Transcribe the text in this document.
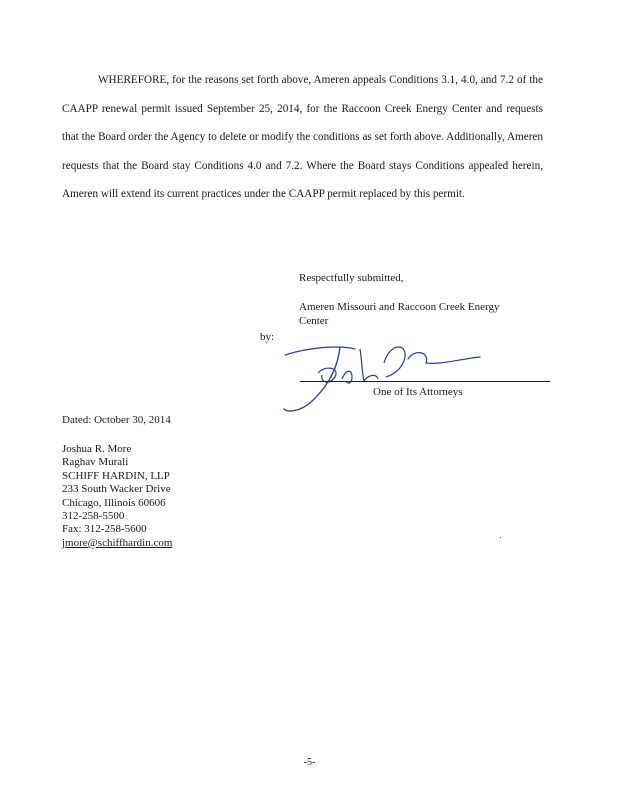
WHEREFORE, for the reasons set forth above, Ameren appeals Conditions 3.1, 4.0, and 7.2 of the CAAPP renewal permit issued September 25, 2014, for the Raccoon Creek Energy Center and requests that the Board order the Agency to delete or modify the conditions as set forth above. Additionally, Ameren requests that the Board stay Conditions 4.0 and 7.2. Where the Board stays Conditions appealed herein, Ameren will extend its current practices under the CAAPP permit replaced by this permit.

Respectfully submitted,
Ameren Missouri and Raccoon Creek Energy
Center
by:
One of Its Attorneys
Dated: October 30, 2014
Joshua R. More
Raghav Murali
SCHIFF HARDIN, LLP
233 South Wacker Drive
Chicago, Illinois 60606
312-258-5500
Fax: 312-258-5600
jmore@schiffhardin.com
-5-
